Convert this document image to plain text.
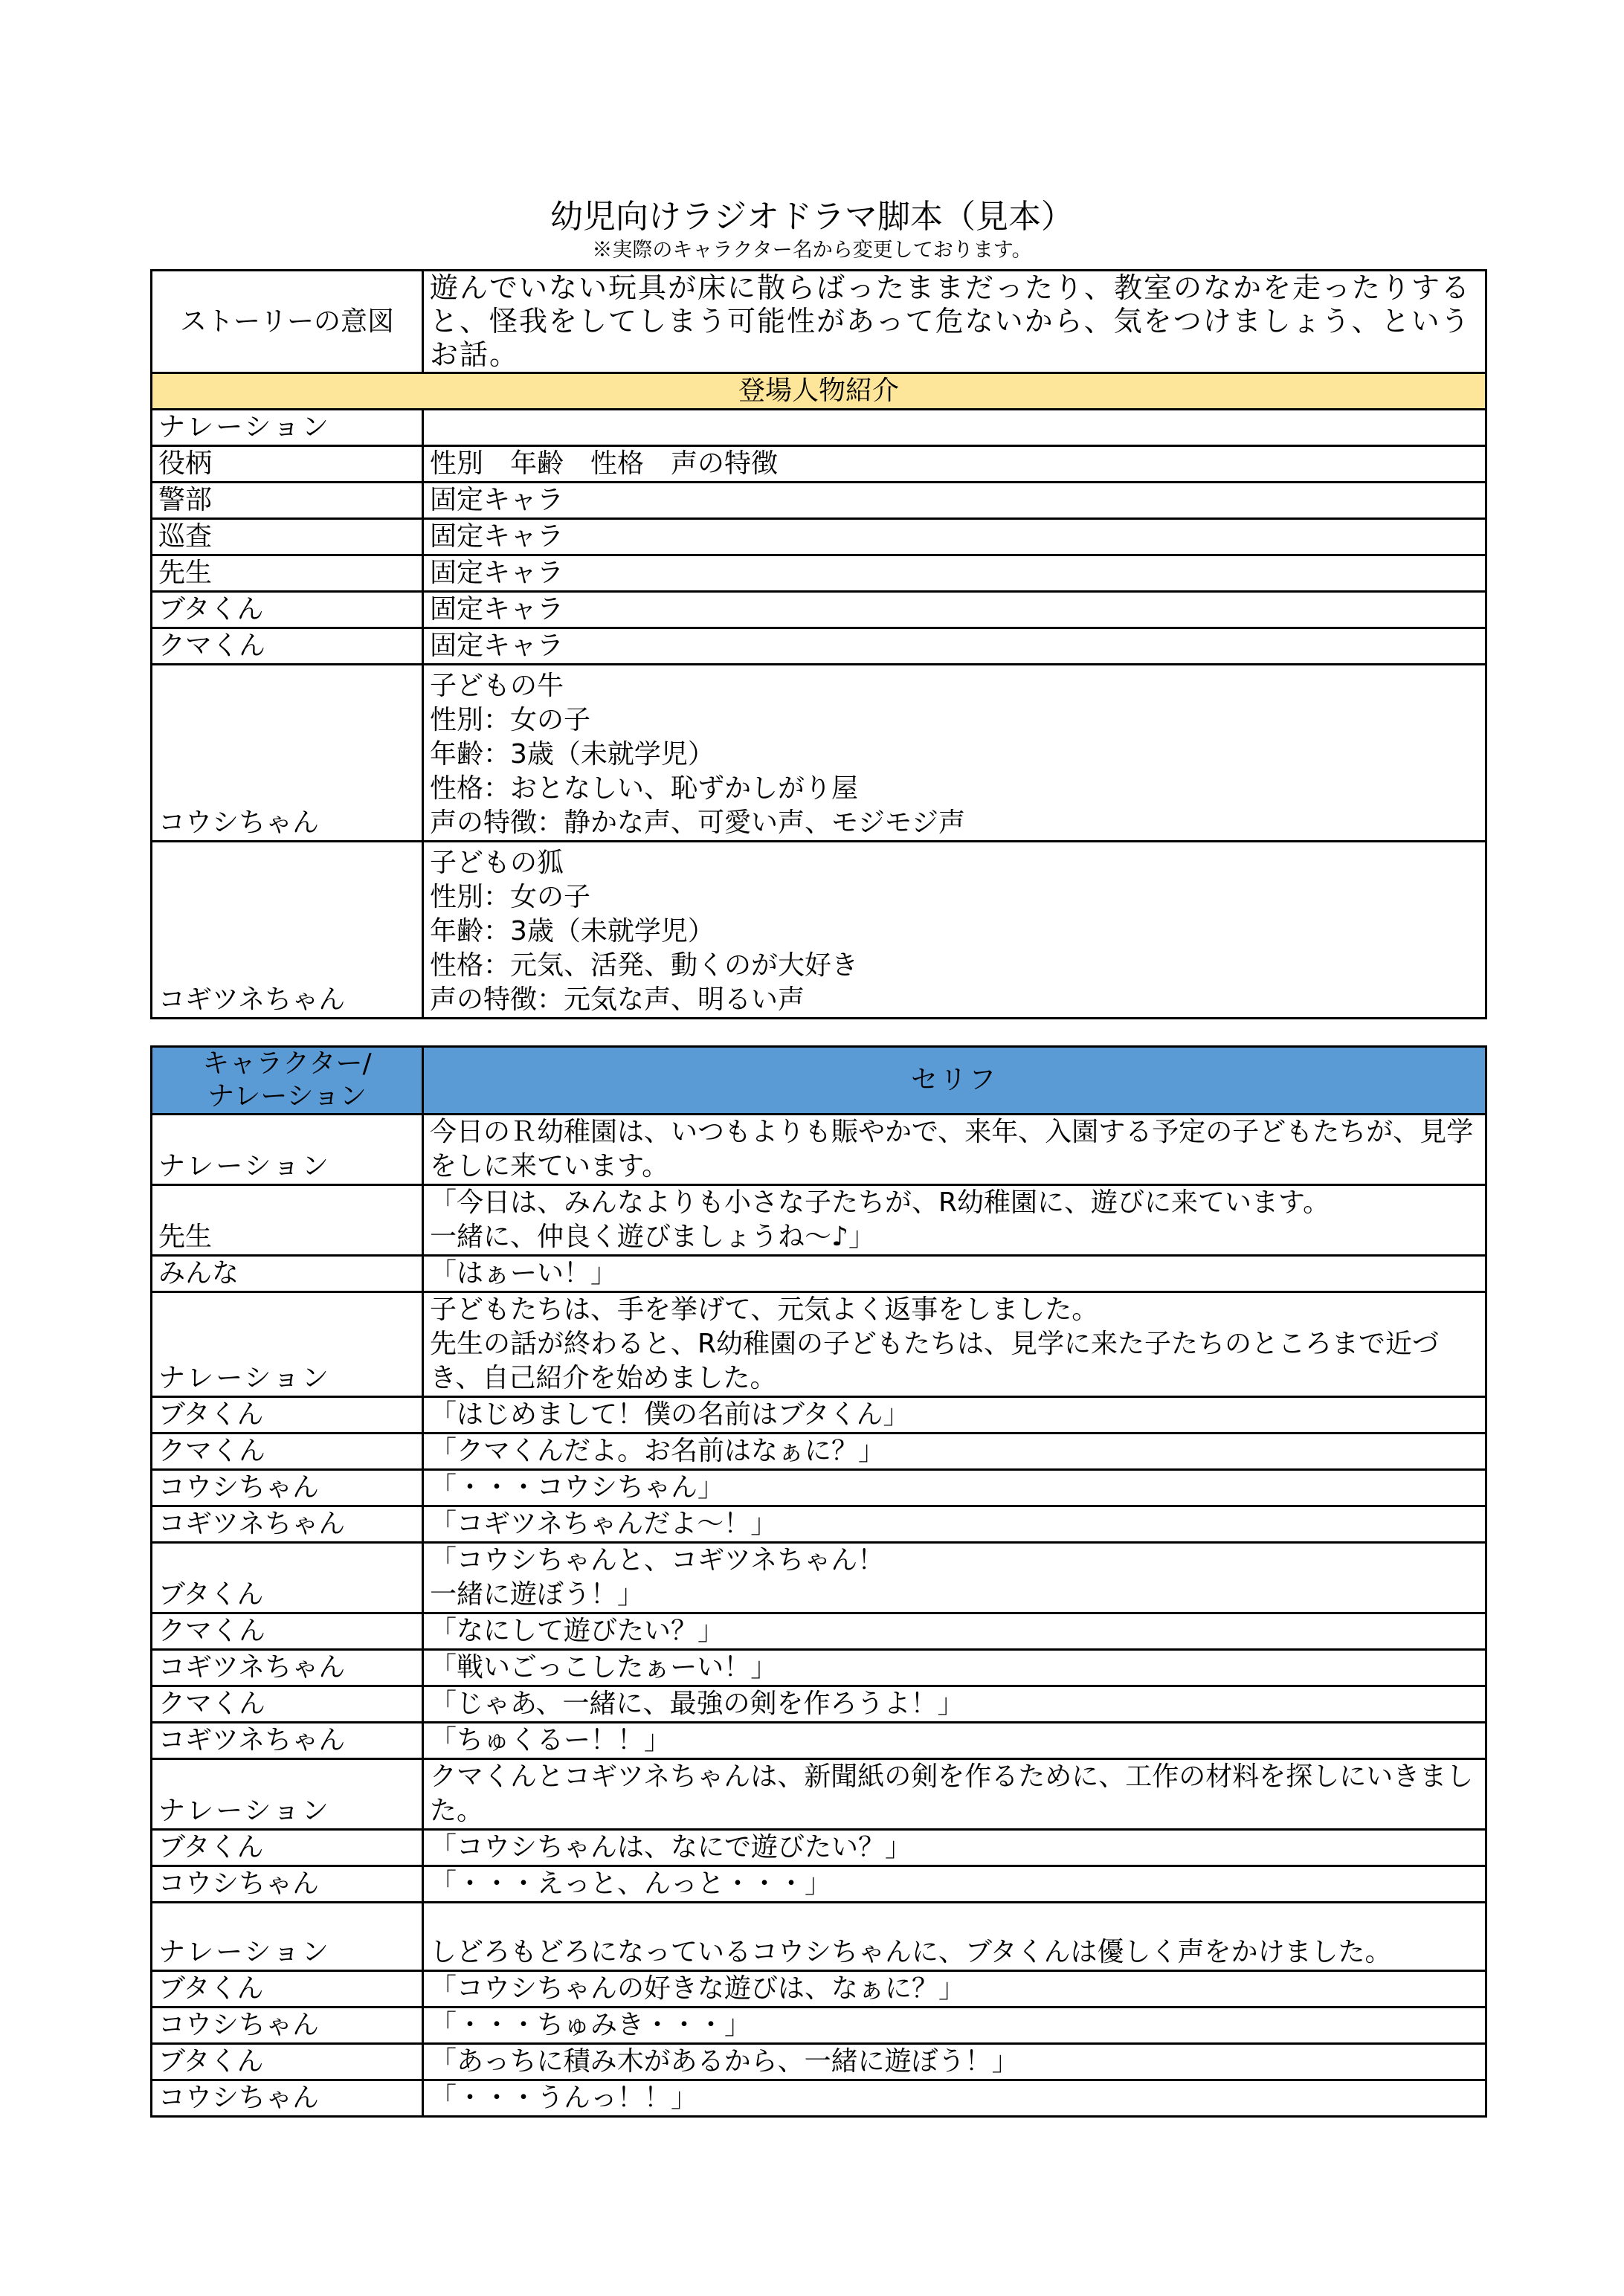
幼児向けラジオドラマ脚本（見本）
※実際のキャラクター名から変更しております。
ストーリーの意図	遊んでいない玩具が床に散らばったままだったり、教室のなかを走ったりすると、怪我をしてしまう可能性があって危ないから、気をつけましょう、というお話。
登場人物紹介	
ナレーション	
役柄	性別　年齢　性格　声の特徴
警部	固定キャラ
巡査	固定キャラ
先生	固定キャラ
ブタくん	固定キャラ
クマくん	固定キャラ
コウシちゃん	子どもの牛
性別：女の子
年齢：3歳（未就学児）
性格：おとなしい、恥ずかしがり屋
声の特徴：静かな声、可愛い声、モジモジ声
コギツネちゃん	子どもの狐
性別：女の子
年齢：3歳（未就学児）
性格：元気、活発、動くのが大好き
声の特徴：元気な声、明るい声
キャラクター/
ナレーション	セリフ
ナレーション	今日のＲ幼稚園は、いつもよりも賑やかで、来年、入園する予定の子どもたちが、見学をしに来ています。
先生	「今日は、みんなよりも小さな子たちが、R幼稚園に、遊びに来ています。
一緒に、仲良く遊びましょうね〜♪」
みんな	「はぁーい！」
ナレーション	子どもたちは、手を挙げて、元気よく返事をしました。
先生の話が終わると、R幼稚園の子どもたちは、見学に来た子たちのところまで近づき、自己紹介を始めました。
ブタくん	「はじめまして！僕の名前はブタくん」
クマくん	「クマくんだよ。お名前はなぁに？」
コウシちゃん	「・・・コウシちゃん」
コギツネちゃん	「コギツネちゃんだよ〜！」
ブタくん	「コウシちゃんと、コギツネちゃん！
一緒に遊ぼう！」
クマくん	「なにして遊びたい？」
コギツネちゃん	「戦いごっこしたぁーい！」
クマくん	「じゃあ、一緒に、最強の剣を作ろうよ！」
コギツネちゃん	「ちゅくるー！！」
ナレーション	クマくんとコギツネちゃんは、新聞紙の剣を作るために、工作の材料を探しにいきました。
ブタくん	「コウシちゃんは、なにで遊びたい？」
コウシちゃん	「・・・えっと、んっと・・・」
ナレーション	しどろもどろになっているコウシちゃんに、ブタくんは優しく声をかけました。
ブタくん	「コウシちゃんの好きな遊びは、なぁに？」
コウシちゃん	「・・・ちゅみき・・・」
ブタくん	「あっちに積み木があるから、一緒に遊ぼう！」
コウシちゃん	「・・・うんっ！！」
